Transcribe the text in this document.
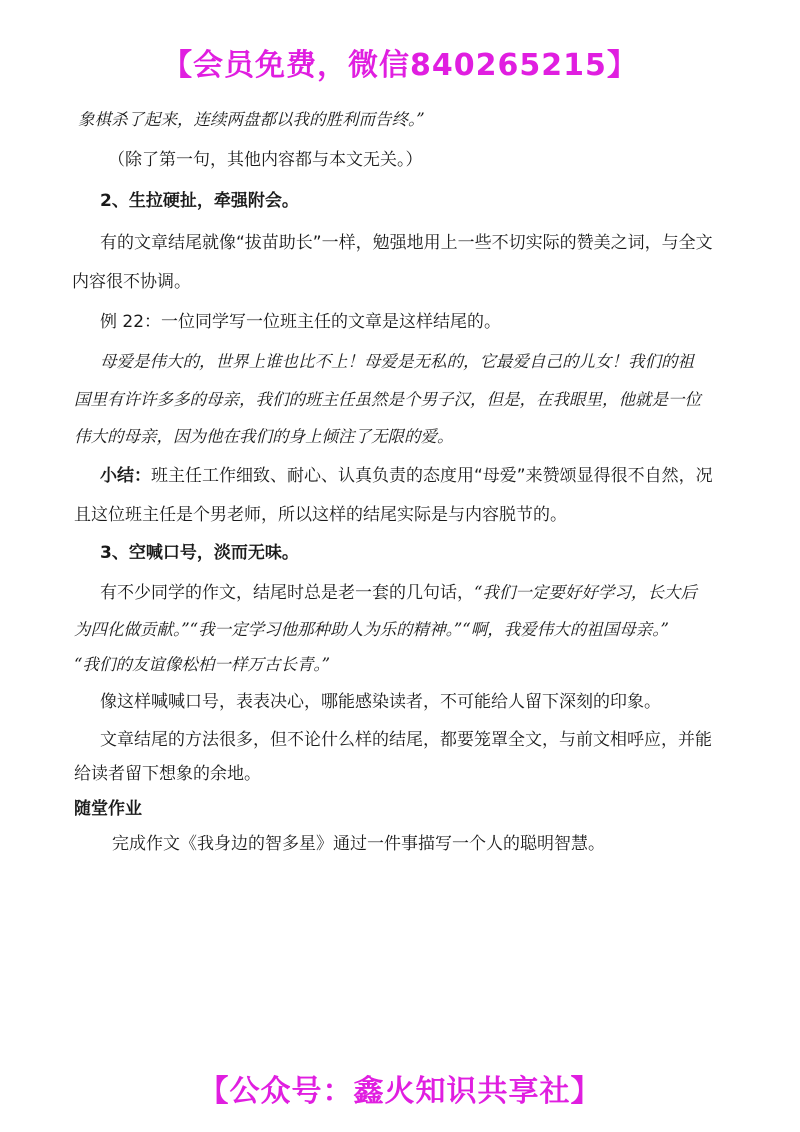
【会员免费，微信840265215】
象棋杀了起来，连续两盘都以我的胜利而告终。”
（除了第一句，其他内容都与本文无关。）
2、生拉硬扯，牵强附会。
有的文章结尾就像“拔苗助长”一样，勉强地用上一些不切实际的赞美之词，与全文
内容很不协调。
例 22：一位同学写一位班主任的文章是这样结尾的。
母爱是伟大的，世界上谁也比不上！母爱是无私的，它最爱自己的儿女！我们的祖
国里有许许多多的母亲，我们的班主任虽然是个男子汉，但是，在我眼里，他就是一位
伟大的母亲，因为他在我们的身上倾注了无限的爱。
小结：班主任工作细致、耐心、认真负责的态度用“母爱”来赞颂显得很不自然，况
且这位班主任是个男老师，所以这样的结尾实际是与内容脱节的。
3、空喊口号，淡而无味。
有不少同学的作文，结尾时总是老一套的几句话，“我们一定要好好学习，长大后
为四化做贡献。”“我一定学习他那种助人为乐的精神。”“啊，我爱伟大的祖国母亲。”
“我们的友谊像松柏一样万古长青。”
像这样喊喊口号，表表决心，哪能感染读者，不可能给人留下深刻的印象。
文章结尾的方法很多，但不论什么样的结尾，都要笼罩全文，与前文相呼应，并能
给读者留下想象的余地。
随堂作业
完成作文《我身边的智多星》通过一件事描写一个人的聪明智慧。
【公众号：鑫火知识共享社】
